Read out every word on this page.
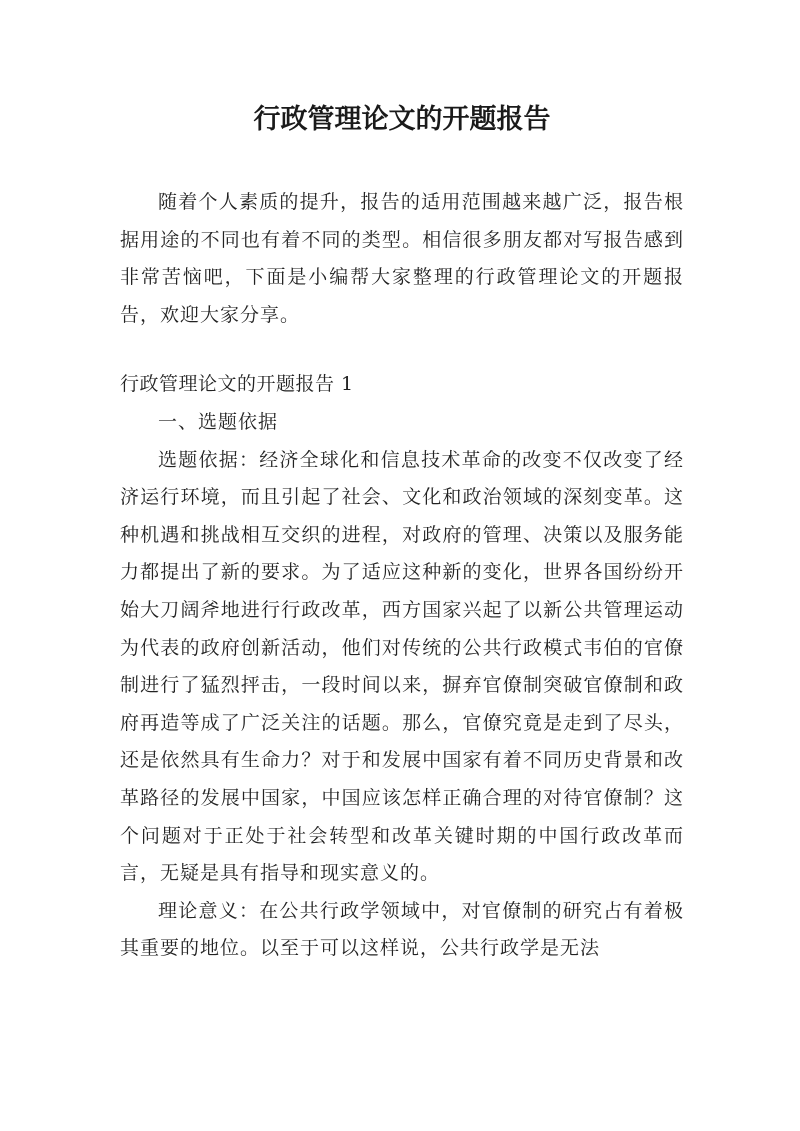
行政管理论文的开题报告

随着个人素质的提升，报告的适用范围越来越广泛，报告根据用途的不同也有着不同的类型。相信很多朋友都对写报告感到非常苦恼吧，下面是小编帮大家整理的行政管理论文的开题报告，欢迎大家分享。

行政管理论文的开题报告 1

一、选题依据

选题依据：经济全球化和信息技术革命的改变不仅改变了经济运行环境，而且引起了社会、文化和政治领域的深刻变革。这种机遇和挑战相互交织的进程，对政府的管理、决策以及服务能力都提出了新的要求。为了适应这种新的变化，世界各国纷纷开始大刀阔斧地进行行政改革，西方国家兴起了以新公共管理运动为代表的政府创新活动，他们对传统的公共行政模式韦伯的官僚制进行了猛烈抨击，一段时间以来，摒弃官僚制突破官僚制和政府再造等成了广泛关注的话题。那么，官僚究竟是走到了尽头，还是依然具有生命力？对于和发展中国家有着不同历史背景和改革路径的发展中国家，中国应该怎样正确合理的对待官僚制？这个问题对于正处于社会转型和改革关键时期的中国行政改革而言，无疑是具有指导和现实意义的。

理论意义：在公共行政学领域中，对官僚制的研究占有着极其重要的地位。以至于可以这样说，公共行政学是无法
